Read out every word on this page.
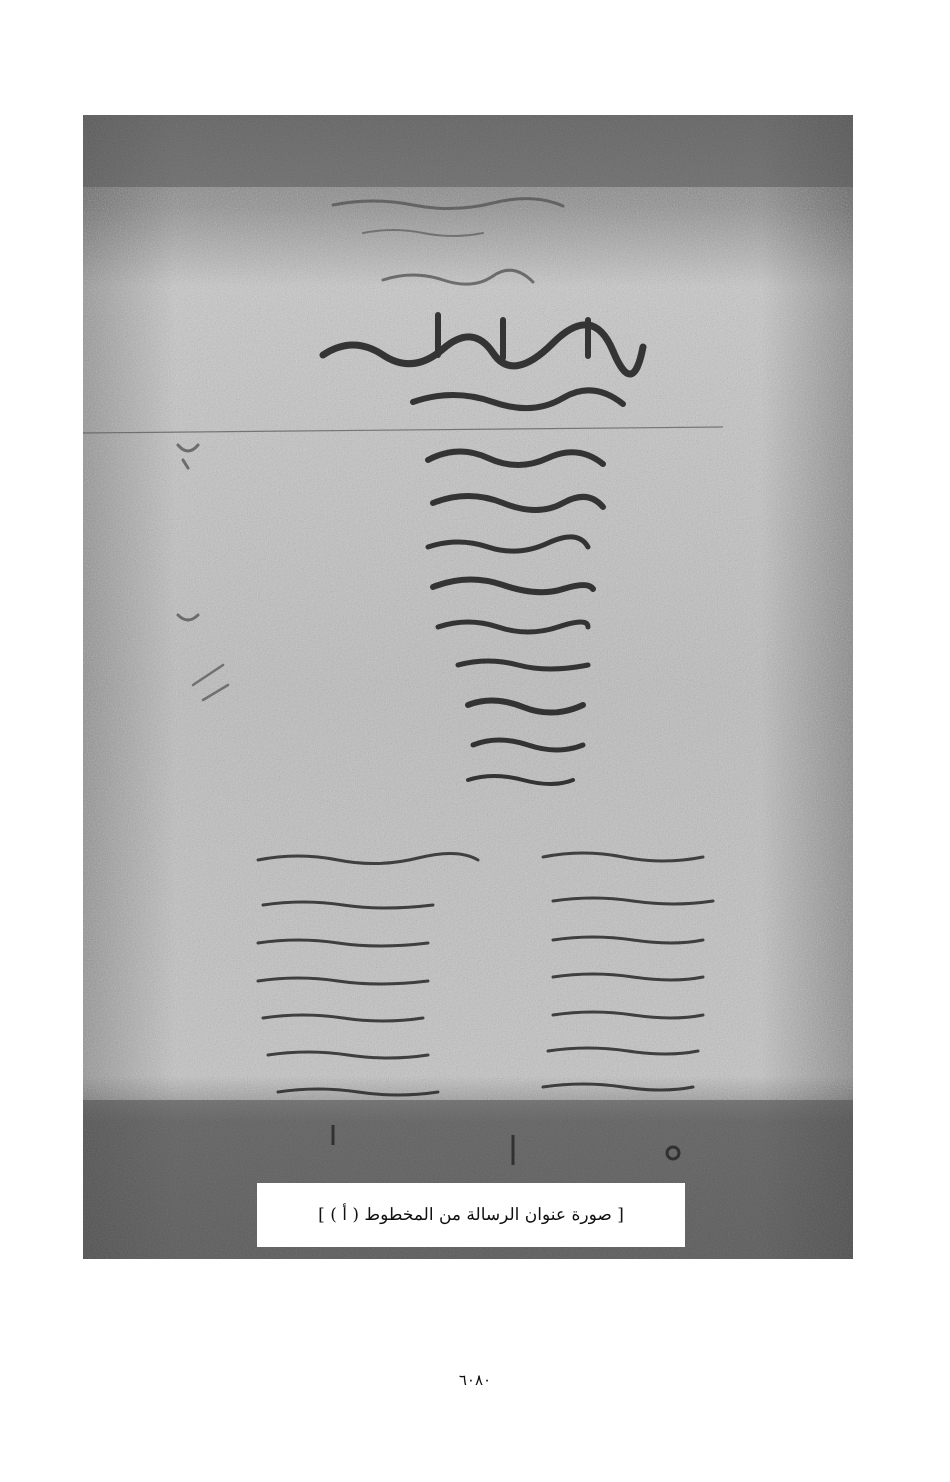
[ صورة عنوان الرسالة من المخطوط ( أ ) ]
٦٠٨٠
